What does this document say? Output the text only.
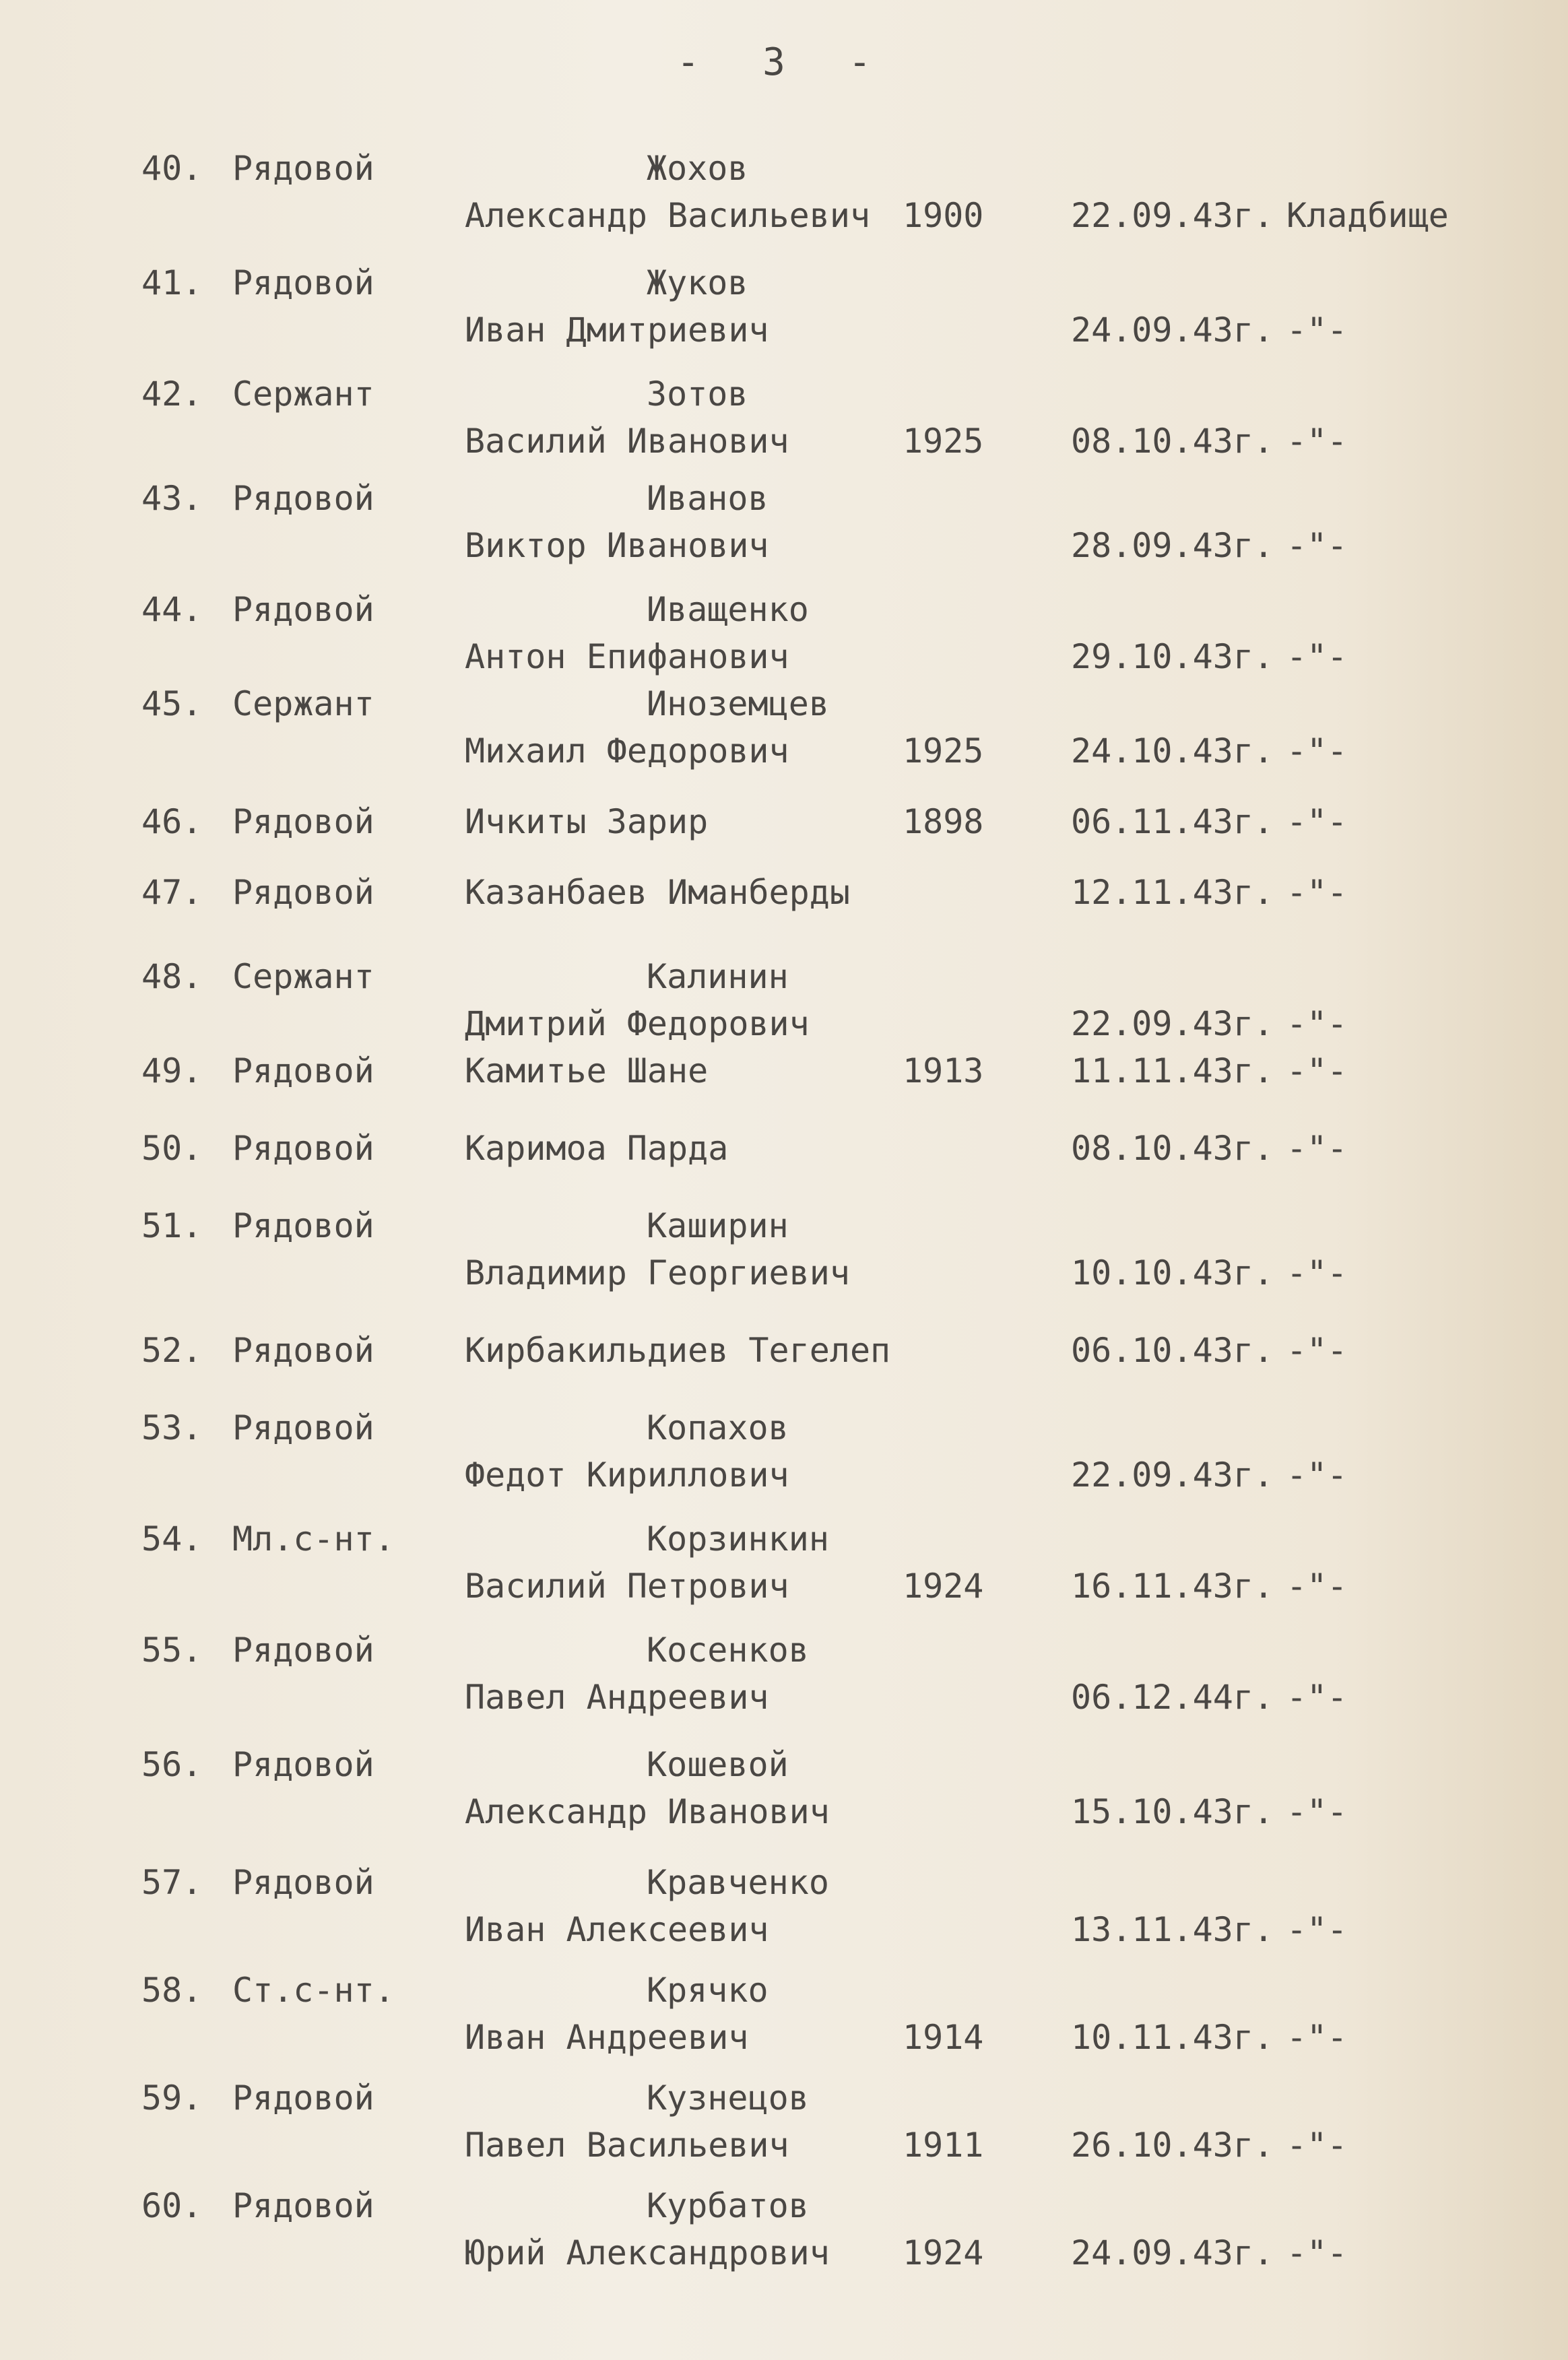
- 3 -
40. Рядовой	Жохов
Александр Васильевич 1900	22.09.43г. Кладбище
41. Рядовой	Жуков
Иван Дмитриевич	24.09.43г. -"-
42. Сержант	Зотов
Василий Иванович	1925	08.10.43г. -"-
43. Рядовой	Иванов
Виктор Иванович	28.09.43г. -"-
44. Рядовой	Иващенко
Антон Епифанович	29.10.43г. -"-
45. Сержант	Иноземцев
Михаил Федорович	1925	24.10.43г. -"-
46. Рядовой	Ичкиты Зарир	1898	06.11.43г. -"-
47. Рядовой	Казанбаев Иманберды	12.11.43г. -"-
48. Сержант	Калинин
Дмитрий Федорович	22.09.43г. -"-
49. Рядовой	Камитье Шане	1913	11.11.43г. -"-
50. Рядовой	Каримоа Парда	08.10.43г. -"-
51. Рядовой	Каширин
Владимир Георгиевич	10.10.43г. -"-
52. Рядовой	Кирбакильдиев Тегелеп	06.10.43г. -"-
53. Рядовой	Копахов
Федот Кириллович	22.09.43г. -"-
54. Мл.с-нт.	Корзинкин
Василий Петрович	1924	16.11.43г. -"-
55. Рядовой	Косенков
Павел Андреевич	06.12.44г. -"-
56. Рядовой	Кошевой
Александр Иванович	15.10.43г. -"-
57. Рядовой	Кравченко
Иван Алексеевич	13.11.43г. -"-
58. Ст.с-нт.	Крячко
Иван Андреевич	1914	10.11.43г. -"-
59. Рядовой	Кузнецов
Павел Васильевич	1911	26.10.43г. -"-
60. Рядовой	Курбатов
Юрий Александрович 1924	24.09.43г. -"-
